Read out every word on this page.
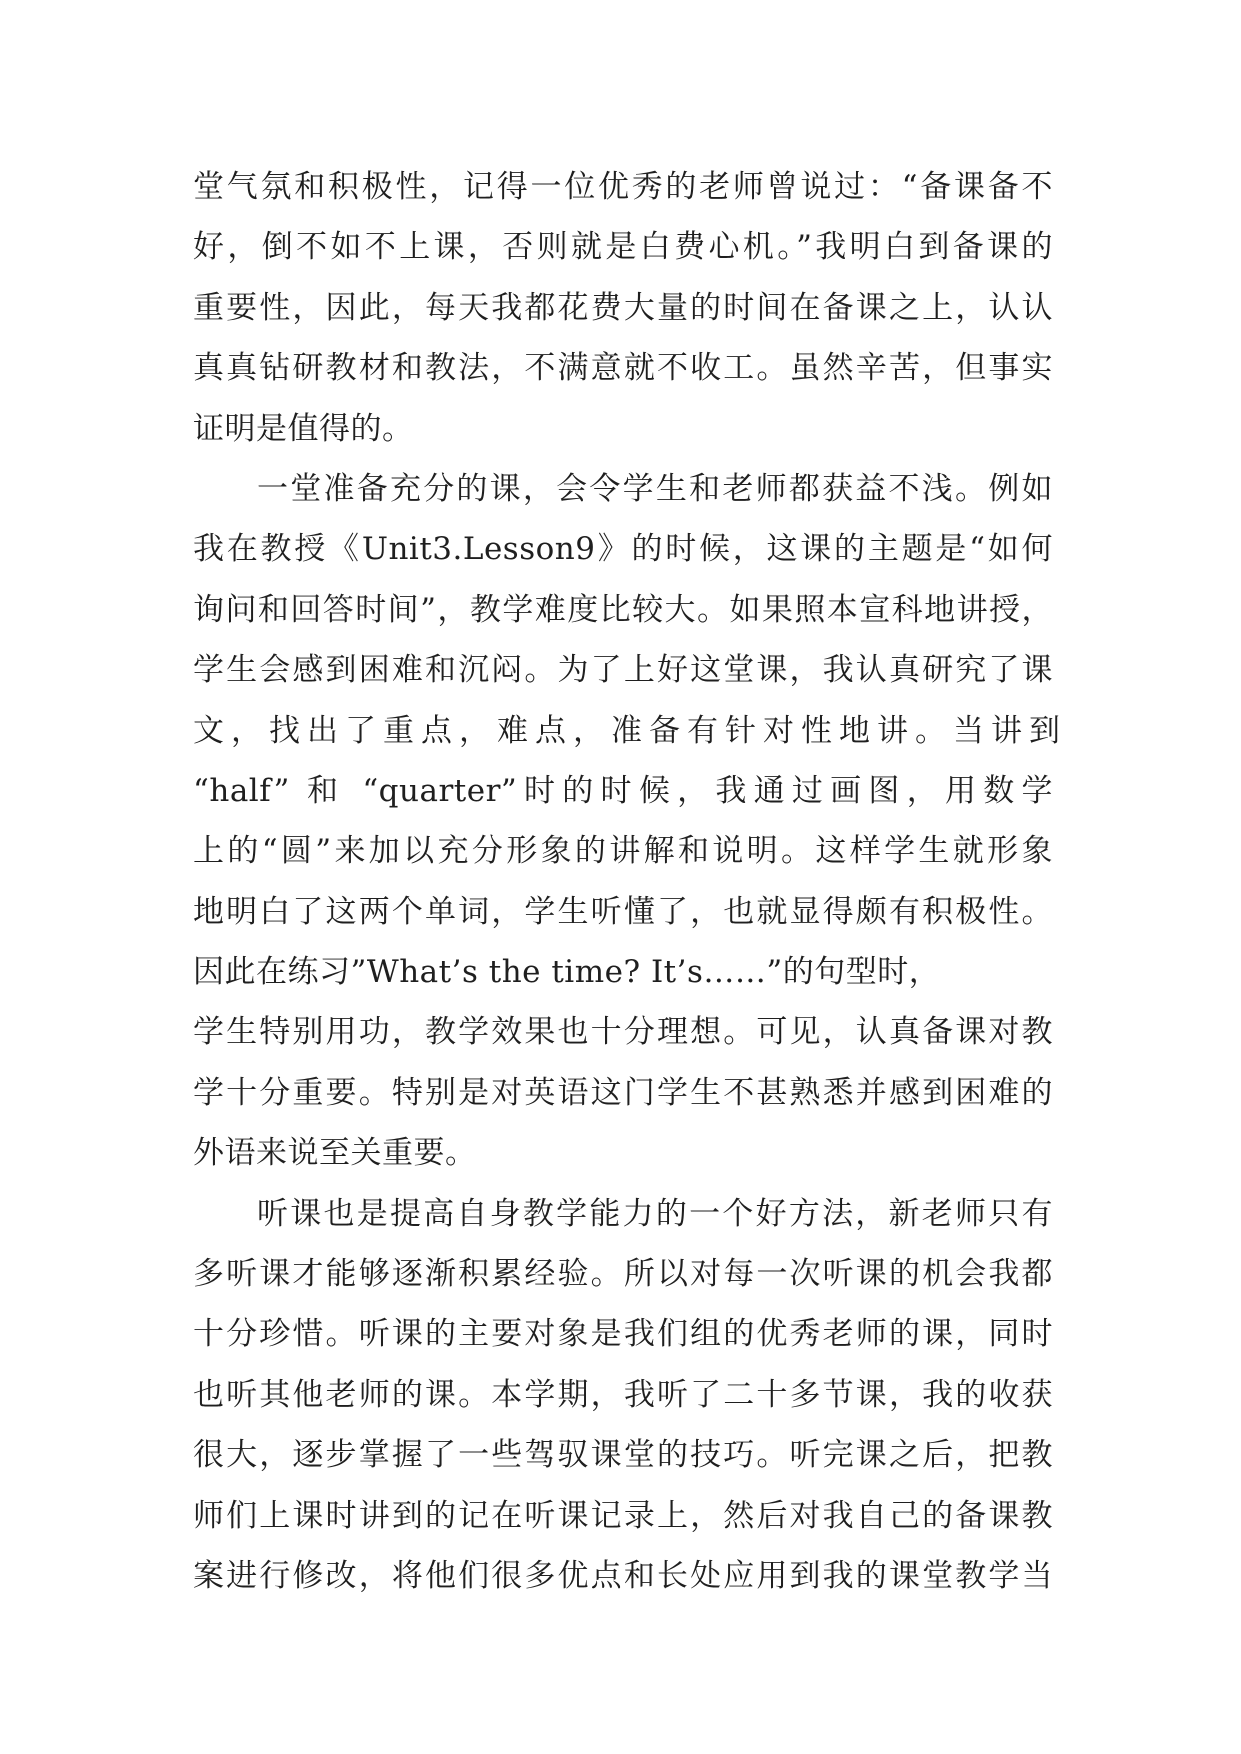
堂气氛和积极性，记得一位优秀的老师曾说过：“备课备不
好，倒不如不上课，否则就是白费心机。”我明白到备课的
重要性，因此，每天我都花费大量的时间在备课之上，认认
真真钻研教材和教法，不满意就不收工。虽然辛苦，但事实
证明是值得的。
一堂准备充分的课，会令学生和老师都获益不浅。例如
我在教授《Unit3.Lesson9》的时候，这课的主题是“如何
询问和回答时间”，教学难度比较大。如果照本宣科地讲授，
学生会感到困难和沉闷。为了上好这堂课，我认真研究了课
文，找出了重点，难点，准备有针对性地讲。当讲到
“half” 和 “quarter”时的时候，我通过画图，用数学
上的“圆”来加以充分形象的讲解和说明。这样学生就形象
地明白了这两个单词，学生听懂了，也就显得颇有积极性。
因此在练习”What’s the time? It’s……”的句型时，
学生特别用功，教学效果也十分理想。可见，认真备课对教
学十分重要。特别是对英语这门学生不甚熟悉并感到困难的
外语来说至关重要。
听课也是提高自身教学能力的一个好方法，新老师只有
多听课才能够逐渐积累经验。所以对每一次听课的机会我都
十分珍惜。听课的主要对象是我们组的优秀老师的课，同时
也听其他老师的课。本学期，我听了二十多节课，我的收获
很大，逐步掌握了一些驾驭课堂的技巧。听完课之后，把教
师们上课时讲到的记在听课记录上，然后对我自己的备课教
案进行修改，将他们很多优点和长处应用到我的课堂教学当
